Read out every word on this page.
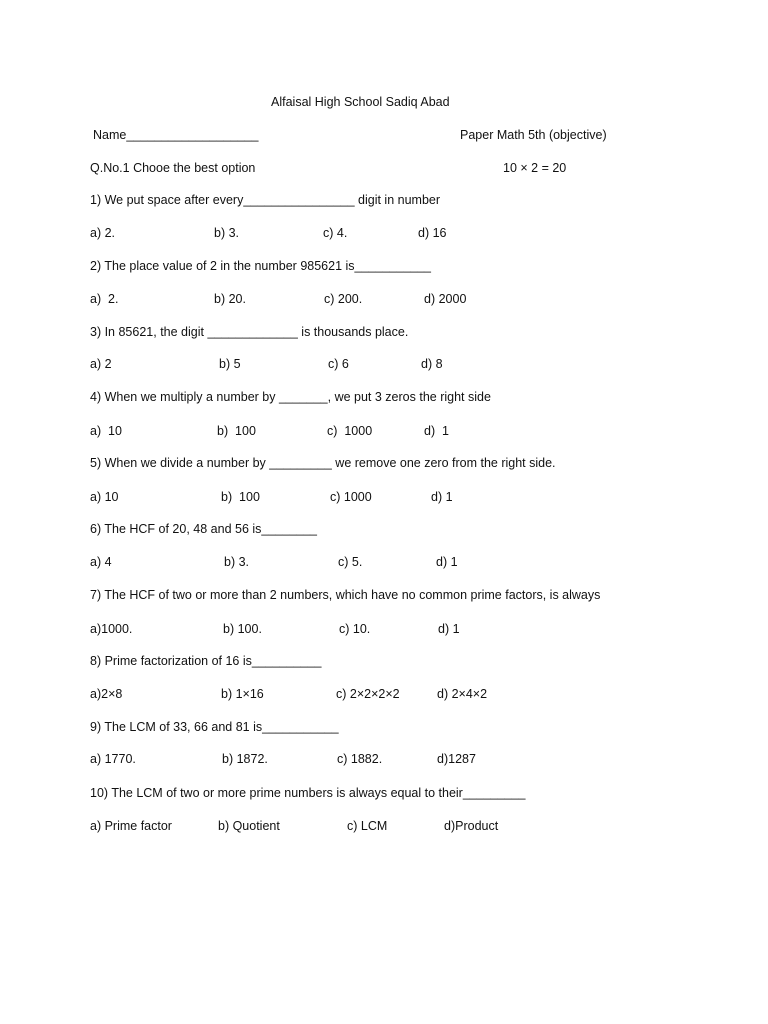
Alfaisal High School Sadiq Abad
Name___________________	Paper Math 5th (objective)
Q.No.1 Chooe the best option	10 × 2 = 20
1) We put space after every________________ digit in number
a) 2.	b) 3.	c) 4.	d) 16
2) The place value of 2 in the number 985621 is___________
a)  2.	b) 20.	c) 200.	d) 2000
3) In 85621, the digit _____________ is thousands place.
a) 2	b) 5	c) 6	d) 8
4) When we multiply a number by _______, we put 3 zeros the right side
a)  10	b)  100	c)  1000	d)  1
5) When we divide a number by _________ we remove one zero from the right side.
a) 10	b)  100	c) 1000	d) 1
6) The HCF of 20, 48 and 56 is________
a) 4	b) 3.	c) 5.	d) 1
7) The HCF of two or more than 2 numbers, which have no common prime factors, is always
a)1000.	b) 100.	c) 10.	d) 1
8) Prime factorization of 16 is__________
a)2×8	b) 1×16	c) 2×2×2×2	d) 2×4×2
9) The LCM of 33, 66 and 81 is___________
a) 1770.	b) 1872.	c) 1882.	d)1287
10) The LCM of two or more prime numbers is always equal to their_________
a) Prime factor	b) Quotient	c) LCM	d)Product
